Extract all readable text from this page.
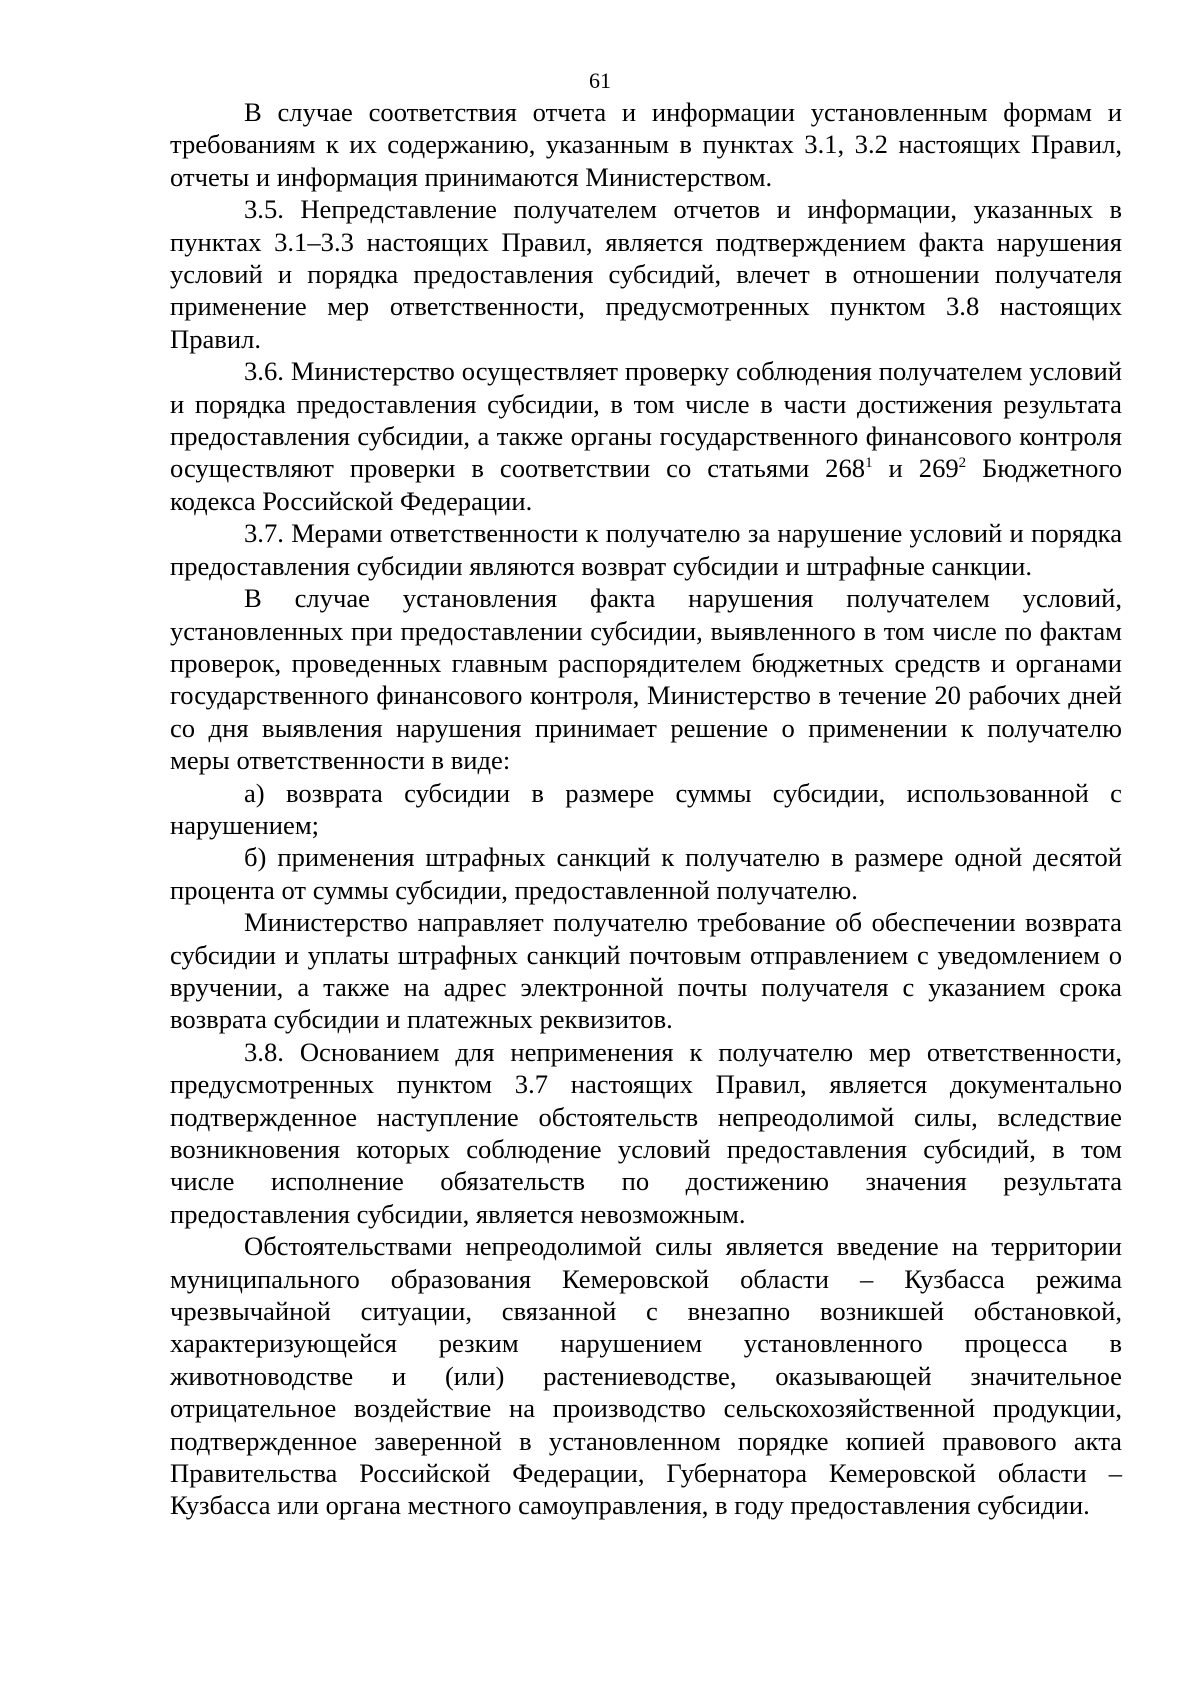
61

В случае соответствия отчета и информации установленным формам и требованиям к их содержанию, указанным в пунктах 3.1, 3.2 настоящих Правил, отчеты и информация принимаются Министерством.

3.5. Непредставление получателем отчетов и информации, указанных в пунктах 3.1–3.3 настоящих Правил, является подтверждением факта нарушения условий и порядка предоставления субсидий, влечет в отношении получателя применение мер ответственности, предусмотренных пунктом 3.8 настоящих Правил.

3.6. Министерство осуществляет проверку соблюдения получателем условий и порядка предоставления субсидии, в том числе в части достижения результата предоставления субсидии, а также органы государственного финансового контроля осуществляют проверки в соответствии со статьями $268^1$ и $269^2$ Бюджетного кодекса Российской Федерации.

3.7. Мерами ответственности к получателю за нарушение условий и порядка предоставления субсидии являются возврат субсидии и штрафные санкции.

В случае установления факта нарушения получателем условий, установленных при предоставлении субсидии, выявленного в том числе по фактам проверок, проведенных главным распорядителем бюджетных средств и органами государственного финансового контроля, Министерство в течение 20 рабочих дней со дня выявления нарушения принимает решение о применении к получателю меры ответственности в виде:

а) возврата субсидии в размере суммы субсидии, использованной с нарушением;

б) применения штрафных санкций к получателю в размере одной десятой процента от суммы субсидии, предоставленной получателю.

Министерство направляет получателю требование об обеспечении возврата субсидии и уплаты штрафных санкций почтовым отправлением с уведомлением о вручении, а также на адрес электронной почты получателя с указанием срока возврата субсидии и платежных реквизитов.

3.8. Основанием для неприменения к получателю мер ответственности, предусмотренных пунктом 3.7 настоящих Правил, является документально подтвержденное наступление обстоятельств непреодолимой силы, вследствие возникновения которых соблюдение условий предоставления субсидий, в том числе исполнение обязательств по достижению значения результата предоставления субсидии, является невозможным.

Обстоятельствами непреодолимой силы является введение на территории муниципального образования Кемеровской области – Кузбасса режима чрезвычайной ситуации, связанной с внезапно возникшей обстановкой, характеризующейся резким нарушением установленного процесса в животноводстве и (или) растениеводстве, оказывающей значительное отрицательное воздействие на производство сельскохозяйственной продукции, подтвержденное заверенной в установленном порядке копией правового акта Правительства Российской Федерации, Губернатора Кемеровской области – Кузбасса или органа местного самоуправления, в году предоставления субсидии.
